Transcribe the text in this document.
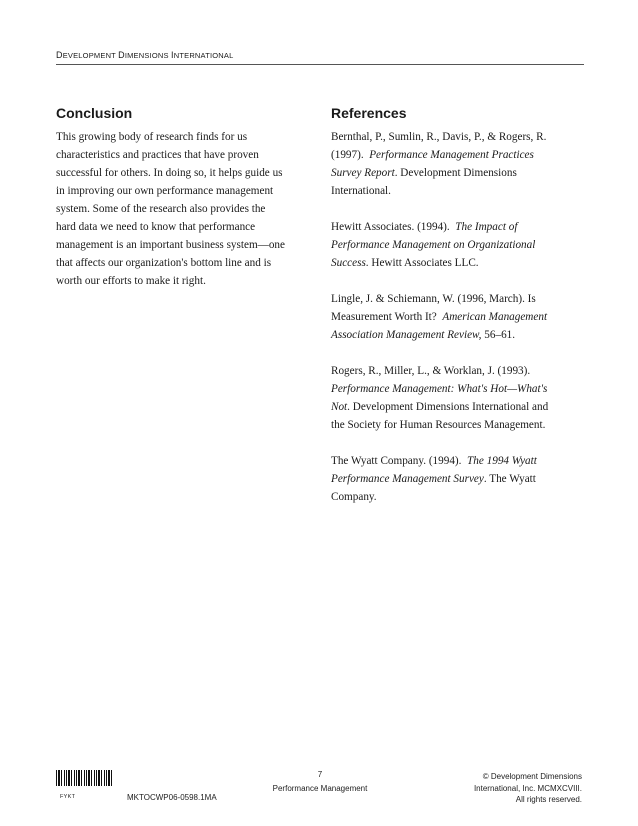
DEVELOPMENT DIMENSIONS INTERNATIONAL
Conclusion

This growing body of research finds for us
characteristics and practices that have proven
successful for others. In doing so, it helps guide us
in improving our own performance management
system. Some of the research also provides the
hard data we need to know that performance
management is an important business system—one
that affects our organization's bottom line and is
worth our efforts to make it right.

References

Bernthal, P., Sumlin, R., Davis, P., & Rogers, R.
(1997). Performance Management Practices
Survey Report. Development Dimensions
International.

Hewitt Associates. (1994). The Impact of
Performance Management on Organizational
Success. Hewitt Associates LLC.

Lingle, J. & Schiemann, W. (1996, March). Is
Measurement Worth It? American Management
Association Management Review, 56–61.

Rogers, R., Miller, L., & Worklan, J. (1993).
Performance Management: What's Hot—What's
Not. Development Dimensions International and
the Society for Human Resources Management.

The Wyatt Company. (1994). The 1994 Wyatt
Performance Management Survey. The Wyatt
Company.

FYKT	MKTOCWP06-0598.1MA
7
Performance Management
© Development Dimensions
International, Inc. MCMXCVIII.
All rights reserved.
